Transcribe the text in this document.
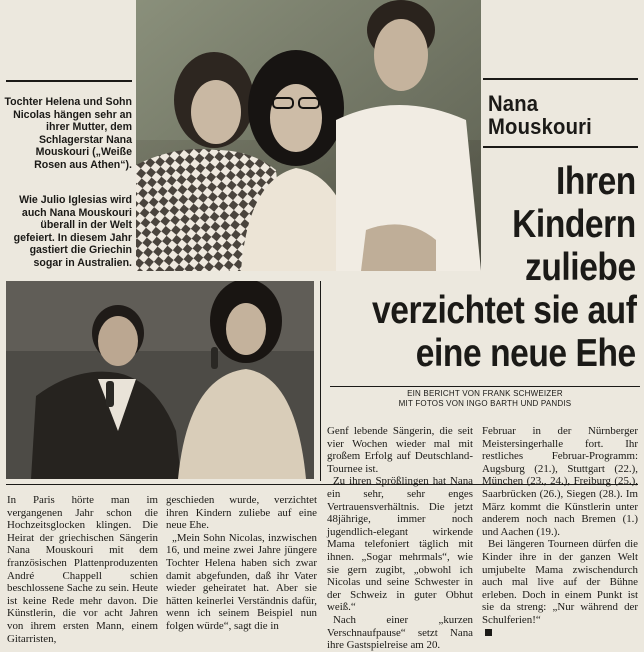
Tochter Helena und Sohn Nicolas hängen sehr an ihrer Mutter, dem Schlagerstar Nana Mouskouri („Weiße Rosen aus Athen“).
Wie Julio Iglesias wird auch Nana Mouskouri überall in der Welt gefeiert. In diesem Jahr gastiert die Griechin sogar in Australien.
Nana
Mouskouri
Ihren
Kindern
zuliebe
verzichtet sie auf
eine neue Ehe
EIN BERICHT VON FRANK SCHWEIZER
MIT FOTOS VON INGO BARTH UND PANDIS

In Paris hörte man im vergangenen Jahr schon die Hochzeitsglocken klingen. Die Heirat der griechischen Sängerin Nana Mouskouri mit dem französischen Plattenproduzenten André Chappell schien beschlossene Sache zu sein. Heute ist keine Rede mehr davon. Die Künstlerin, die vor acht Jahren von ihrem ersten Mann, einem Gitarristen,

geschieden wurde, verzichtet ihren Kindern zuliebe auf eine neue Ehe.

„Mein Sohn Nicolas, inzwischen 16, und meine zwei Jahre jüngere Tochter Helena haben sich zwar damit abgefunden, daß ihr Vater wieder geheiratet hat. Aber sie hätten keinerlei Verständnis dafür, wenn ich seinem Beispiel nun folgen würde“, sagt die in

Genf lebende Sängerin, die seit vier Wochen wieder mal mit großem Erfolg auf Deutschland-Tournee ist.

Zu ihren Sprößlingen hat Nana ein sehr, sehr enges Vertrauensverhältnis. Die jetzt 48jährige, immer noch jugendlich-elegant wirkende Mama telefoniert täglich mit ihnen. „Sogar mehrmals“, wie sie gern zugibt, „obwohl ich Nicolas und seine Schwester in der Schweiz in guter Obhut weiß.“

Nach einer „kurzen Verschnaufpause“ setzt Nana ihre Gastspielreise am 20.

Februar in der Nürnberger Meistersingerhalle fort. Ihr restliches Februar-Programm: Augsburg (21.), Stuttgart (22.), München (23., 24.), Freiburg (25.), Saarbrücken (26.), Siegen (28.). Im März kommt die Künstlerin unter anderem noch nach Bremen (1.) und Aachen (19.).

Bei längeren Tourneen dürfen die Kinder ihre in der ganzen Welt umjubelte Mama zwischendurch auch mal live auf der Bühne erleben. Doch in einem Punkt ist sie da streng: „Nur während der Schulferien!“
